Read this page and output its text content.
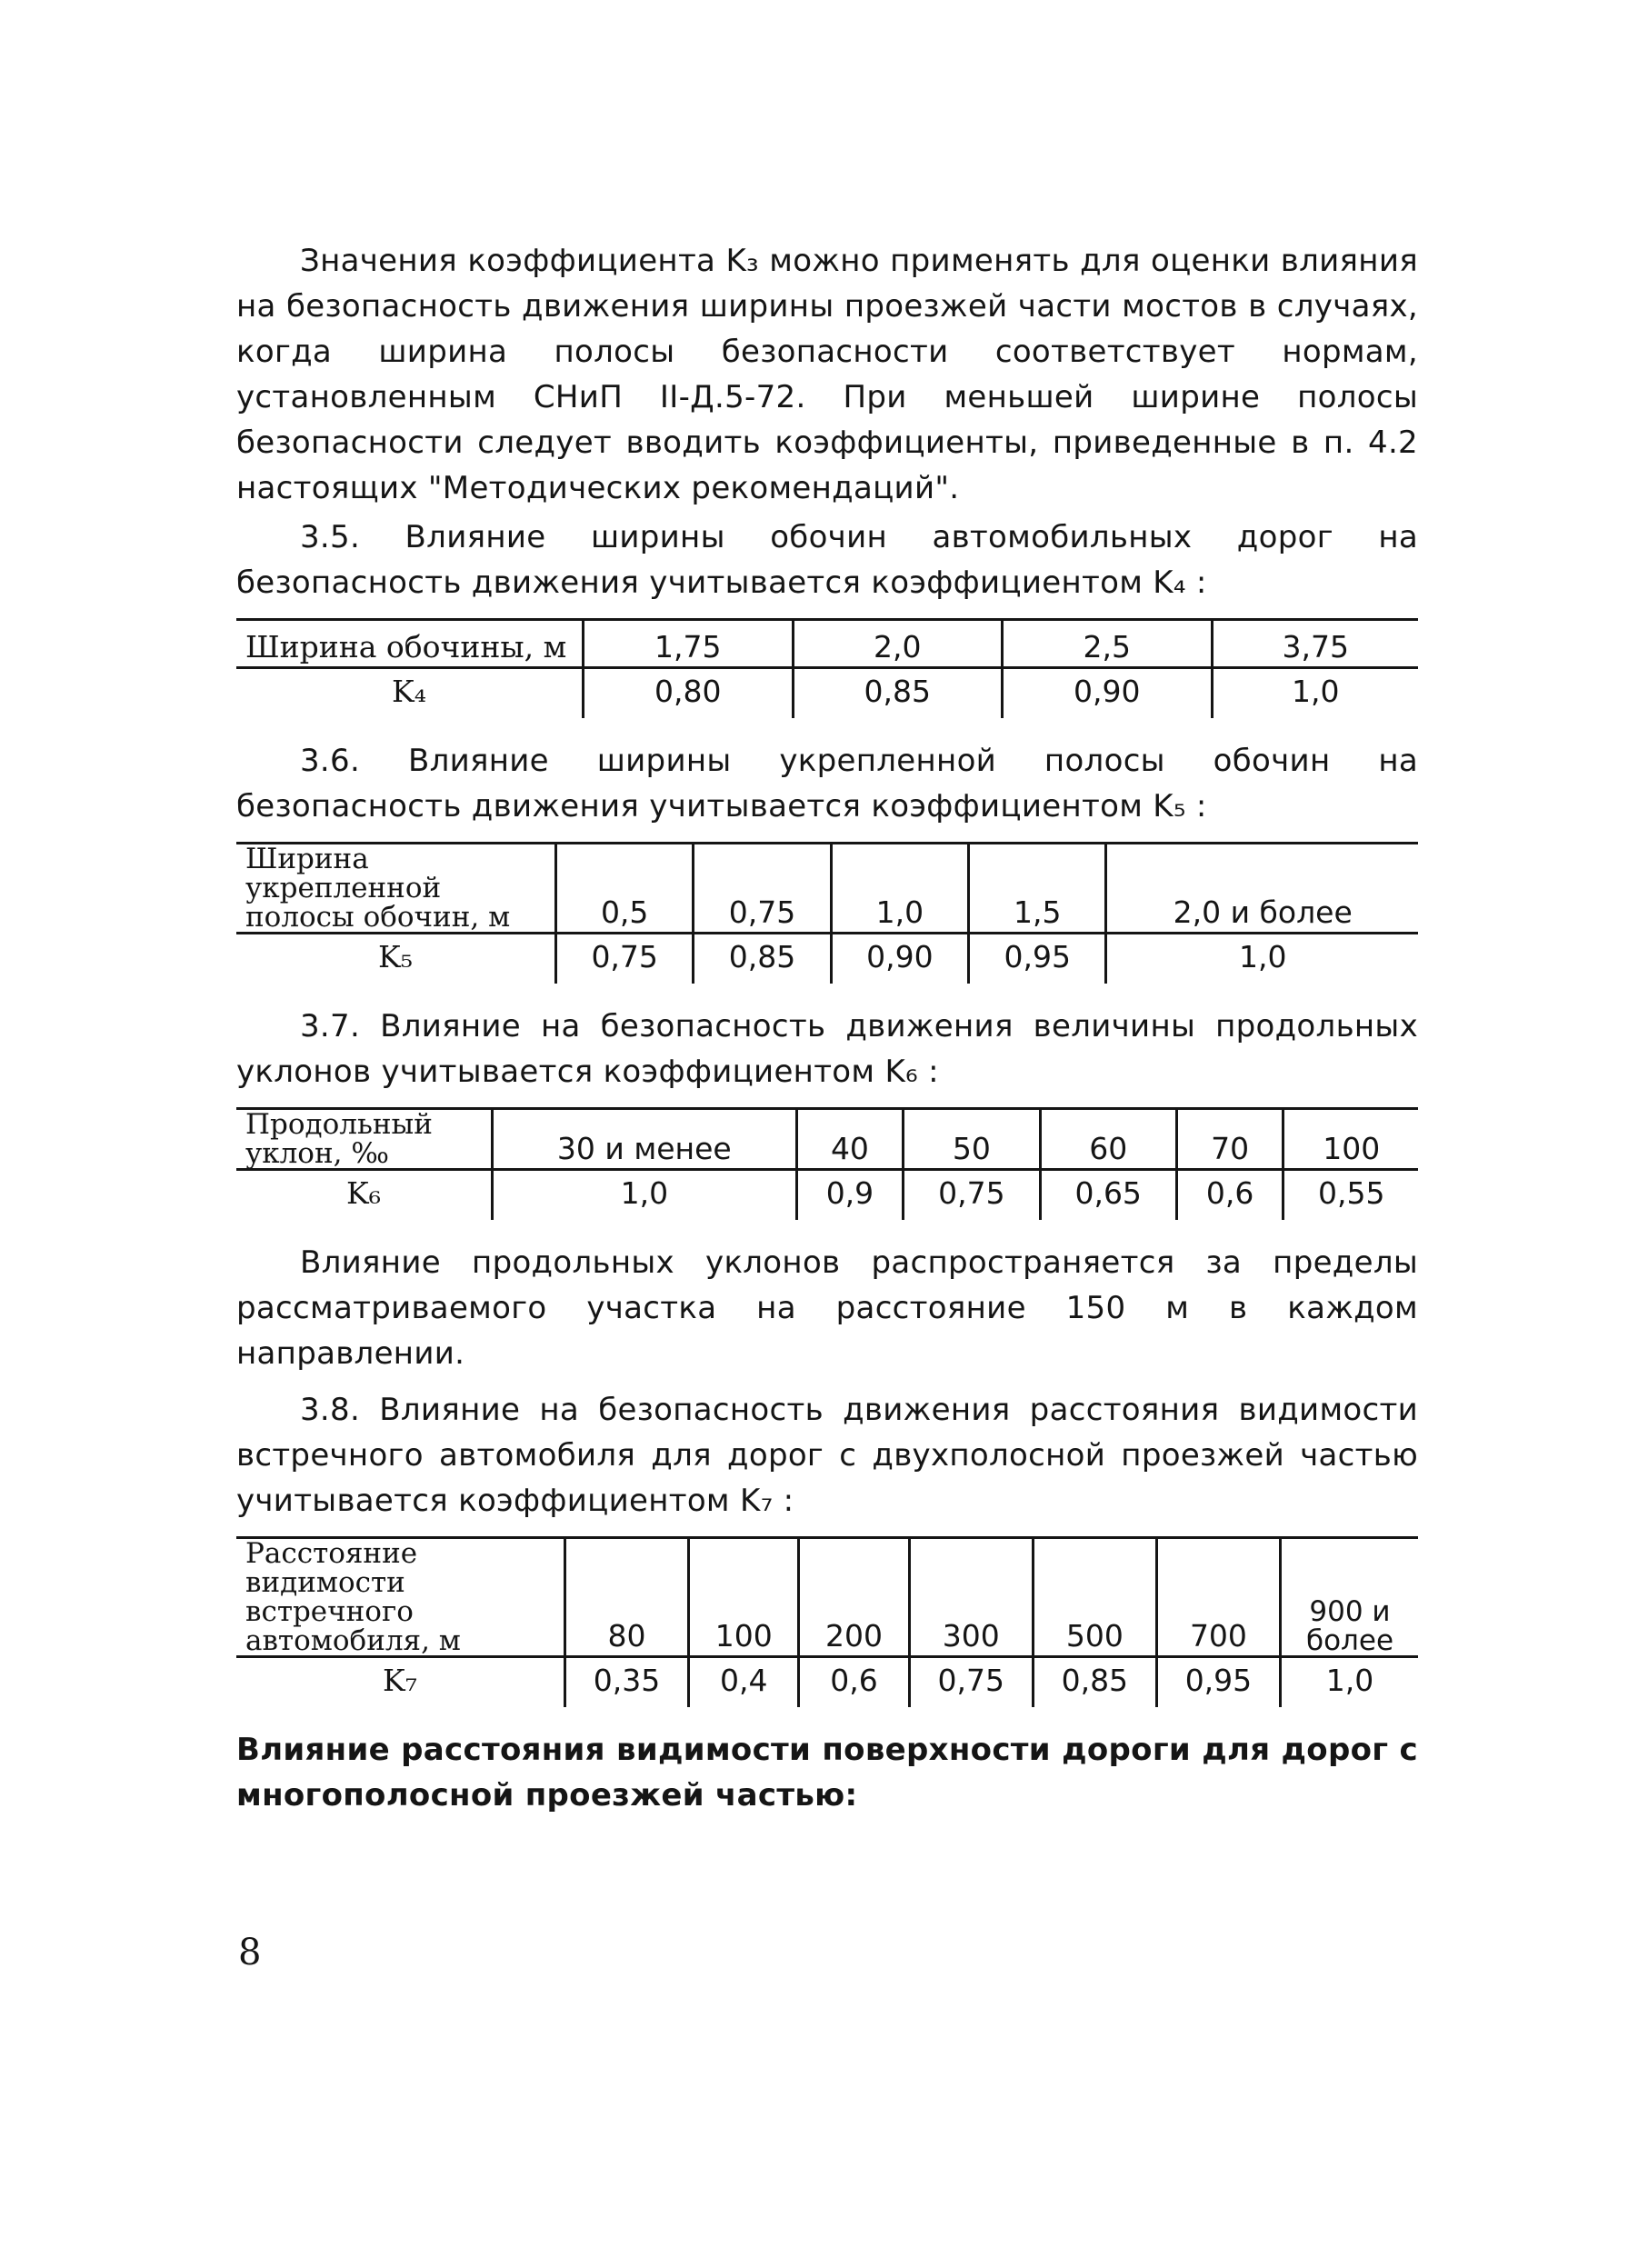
Значения коэффициента K₃ можно применять для оценки влияния на безопасность движения ширины проезжей части мостов в случаях, когда ширина полосы безопасности соответствует нормам, установленным СНиП II-Д.5-72. При меньшей ширине полосы безопасности следует вводить коэффициенты, приведенные в п. 4.2 настоящих "Методических рекомендаций".

3.5. Влияние ширины обочин автомобильных дорог на безопасность движения учитывается коэффициентом K₄ :

Ширина обочины, м	1,75	2,0	2,5	3,75
K₄	0,80	0,85	0,90	1,0

3.6. Влияние ширины укрепленной полосы обочин на безопасность движения учитывается коэффициентом K₅ :

Ширина укрепленной полосы обочин, м	0,5	0,75	1,0	1,5	2,0 и более
K₅	0,75	0,85	0,90	0,95	1,0

3.7. Влияние на безопасность движения величины продольных уклонов учитывается коэффициентом K₆ :

Продольный уклон, ‰	30 и менее	40	50	60	70	100
K₆	1,0	0,9	0,75	0,65	0,6	0,55

Влияние продольных уклонов распространяется за пределы рассматриваемого участка на расстояние 150 м в каждом направлении.

3.8. Влияние на безопасность движения расстояния видимости встречного автомобиля для дорог с двухполосной проезжей частью учитывается коэффициентом K₇ :

Расстояние видимости встречного автомобиля, м	80	100	200	300	500	700	900 и более
K₇	0,35	0,4	0,6	0,75	0,85	0,95	1,0

Влияние расстояния видимости поверхности дороги для дорог с многополосной проезжей частью:

8
